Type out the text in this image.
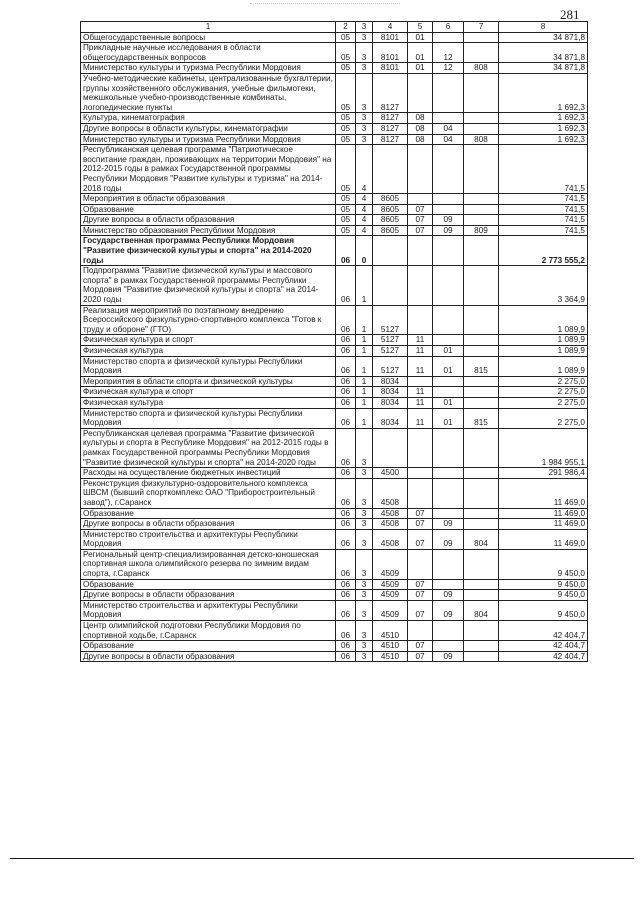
281
1	2	3	4	5	6	7	8
Общегосударственные вопросы	05	3	8101	01			34 871,8
Прикладные научные исследования в области общегосударственных вопросов	05	3	8101	01	12		34 871,8
Министерство культуры и туризма Республики Мордовия	05	3	8101	01	12	808	34 871,8
Учебно-методические кабинеты, централизованные бухгалтерии, группы хозяйственного обслуживания, учебные фильмотеки, межшкольные учебно-производственные комбинаты, логопедические пункты	05	3	8127				1 692,3
Культура, кинематография	05	3	8127	08			1 692,3
Другие вопросы в области культуры, кинематографии	05	3	8127	08	04		1 692,3
Министерство культуры и туризма Республики Мордовия	05	3	8127	08	04	808	1 692,3
Республиканская целевая программа "Патриотическое воспитание граждан, проживающих на территории Мордовия" на 2012-2015 годы в рамках Государственной программы Республики Мордовия "Развитие культуры и туризма" на 2014-2018 годы	05	4					741,5
Мероприятия в области образования	05	4	8605				741,5
Образование	05	4	8605	07			741,5
Другие вопросы в области образования	05	4	8605	07	09		741,5
Министерство образования Республики Мордовия	05	4	8605	07	09	809	741,5
Государственная программа Республики Мордовия "Развитие физической культуры и спорта" на 2014-2020 годы	06	0					2 773 555,2
Подпрограмма "Развитие физической культуры и массового спорта" в рамках Государственной программы Республики Мордовия "Развитие физической культуры и спорта" на 2014-2020 годы	06	1					3 364,9
Реализация мероприятий по поэтапному внедрению Всероссийского физкультурно-спортивного комплекса "Готов к труду и обороне" (ГТО)	06	1	5127				1 089,9
Физическая культура и спорт	06	1	5127	11			1 089,9
Физическая культура	06	1	5127	11	01		1 089,9
Министерство спорта и физической культуры Республики Мордовия	06	1	5127	11	01	815	1 089,9
Мероприятия в области спорта и физической культуры	06	1	8034				2 275,0
Физическая культура и спорт	06	1	8034	11			2 275,0
Физическая культура	06	1	8034	11	01		2 275,0
Министерство спорта и физической культуры Республики Мордовия	06	1	8034	11	01	815	2 275,0
Республиканская целевая программа "Развитие физической культуры и спорта в Республике Мордовия" на 2012-2015 годы в рамках Государственной программы Республики Мордовия "Развитие физической культуры и спорта" на 2014-2020 годы	06	3					1 984 955,1
Расходы на осуществление бюджетных инвестиций	06	3	4500				291 986,4
Реконструкция физкультурно-оздоровительного комплекса ШВСМ (бывший спорткомплекс ОАО "Приборостроительный завод"), г.Саранск	06	3	4508				11 469,0
Образование	06	3	4508	07			11 469,0
Другие вопросы в области образования	06	3	4508	07	09		11 469,0
Министерство строительства и архитектуры Республики Мордовия	06	3	4508	07	09	804	11 469,0
Региональный центр-специализированная детско-юношеская спортивная школа олимпийского резерва по зимним видам спорта, г.Саранск	06	3	4509				9 450,0
Образование	06	3	4509	07			9 450,0
Другие вопросы в области образования	06	3	4509	07	09		9 450,0
Министерство строительства и архитектуры Республики Мордовия	06	3	4509	07	09	804	9 450,0
Центр олимпийской подготовки Республики Мордовия по спортивной ходьбе, г.Саранск	06	3	4510				42 404,7
Образование	06	3	4510	07			42 404,7
Другие вопросы в области образования	06	3	4510	07	09		42 404,7
